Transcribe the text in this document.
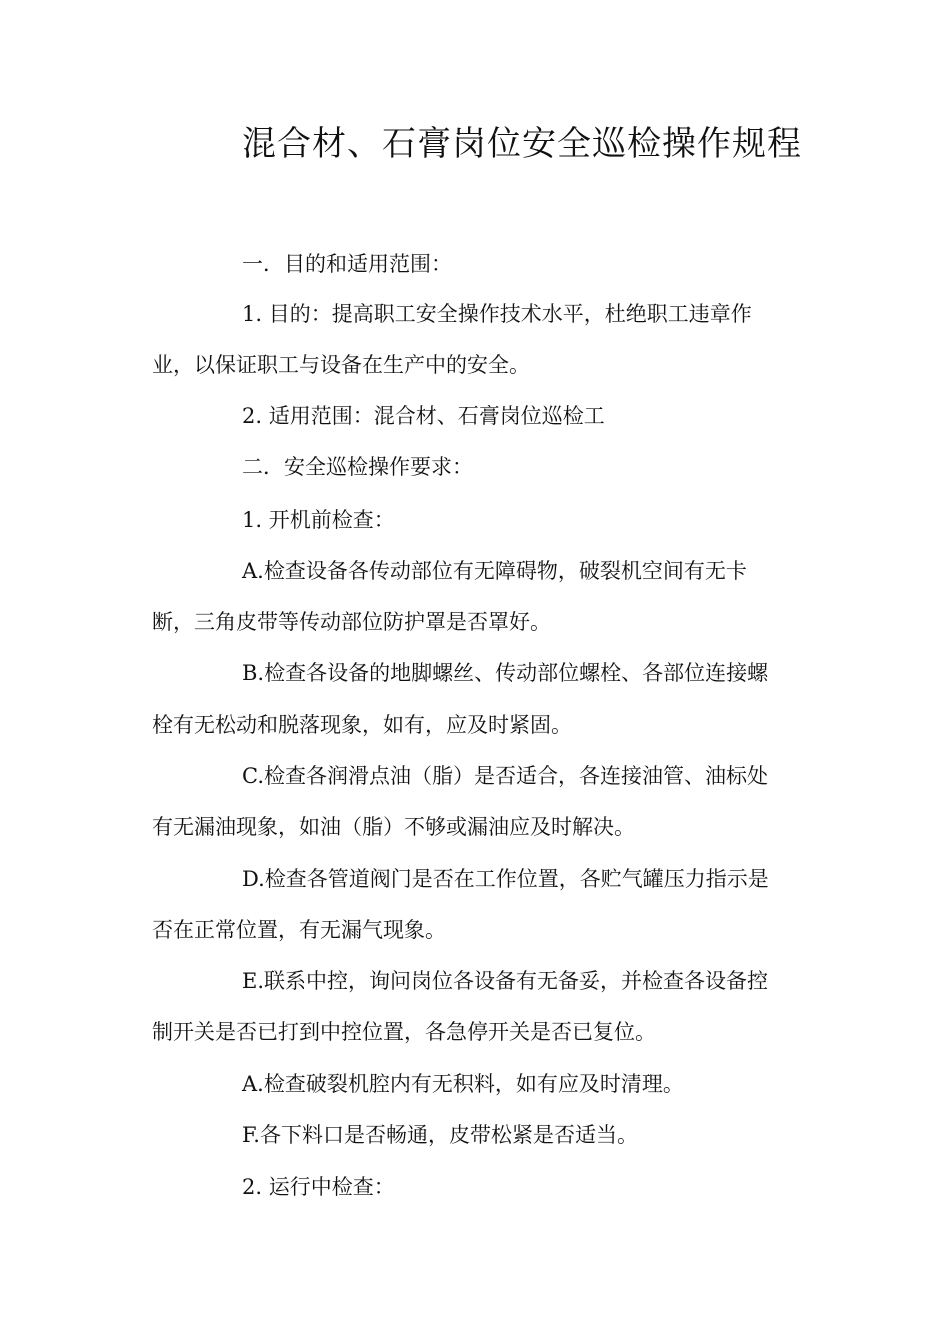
混合材、石膏岗位安全巡检操作规程
一．目的和适用范围：
1. 目的：提高职工安全操作技术水平，杜绝职工违章作
业，以保证职工与设备在生产中的安全。
2. 适用范围：混合材、石膏岗位巡检工
二．安全巡检操作要求：
1. 开机前检查：
A.检查设备各传动部位有无障碍物，破裂机空间有无卡
断，三角皮带等传动部位防护罩是否罩好。
B.检查各设备的地脚螺丝、传动部位螺栓、各部位连接螺
栓有无松动和脱落现象，如有，应及时紧固。
C.检查各润滑点油（脂）是否适合，各连接油管、油标处
有无漏油现象，如油（脂）不够或漏油应及时解决。
D.检查各管道阀门是否在工作位置，各贮气罐压力指示是
否在正常位置，有无漏气现象。
E.联系中控，询问岗位各设备有无备妥，并检查各设备控
制开关是否已打到中控位置，各急停开关是否已复位。
A.检查破裂机腔内有无积料，如有应及时清理。
F.各下料口是否畅通，皮带松紧是否适当。
2. 运行中检查：
